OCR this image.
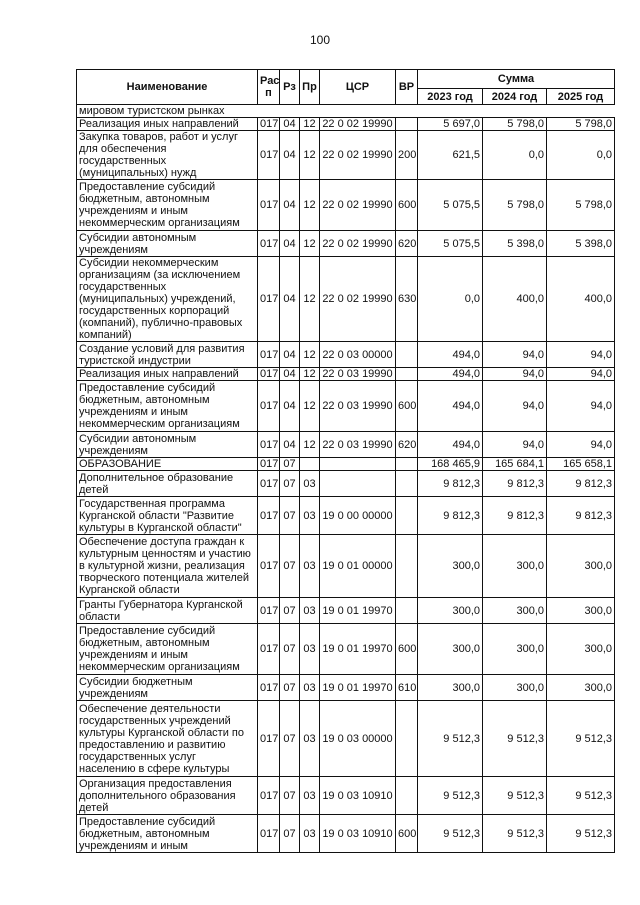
100
Наименование	Рас п	Рз	Пр	ЦСР	ВР	Сумма		
						2023 год	2024 год	2025 год
мировом туристском рынках								
Реализация иных направлений	017	04	12	22 0 02 19990		5 697,0	5 798,0	5 798,0
Закупка товаров, работ и услуг для обеспечения государственных (муниципальных) нужд	017	04	12	22 0 02 19990	200	621,5	0,0	0,0
Предоставление субсидий бюджетным, автономным учреждениям и иным некоммерческим организациям	017	04	12	22 0 02 19990	600	5 075,5	5 798,0	5 798,0
Субсидии автономным учреждениям	017	04	12	22 0 02 19990	620	5 075,5	5 398,0	5 398,0
Субсидии некоммерческим организациям (за исключением государственных (муниципальных) учреждений, государственных корпораций (компаний), публично-правовых компаний)	017	04	12	22 0 02 19990	630	0,0	400,0	400,0
Создание условий для развития туристской индустрии	017	04	12	22 0 03 00000		494,0	94,0	94,0
Реализация иных направлений	017	04	12	22 0 03 19990		494,0	94,0	94,0
Предоставление субсидий бюджетным, автономным учреждениям и иным некоммерческим организациям	017	04	12	22 0 03 19990	600	494,0	94,0	94,0
Субсидии автономным учреждениям	017	04	12	22 0 03 19990	620	494,0	94,0	94,0
ОБРАЗОВАНИЕ	017	07				168 465,9	165 684,1	165 658,1
Дополнительное образование детей	017	07	03			9 812,3	9 812,3	9 812,3
Государственная программа Курганской области "Развитие культуры в Курганской области"	017	07	03	19 0 00 00000		9 812,3	9 812,3	9 812,3
Обеспечение доступа граждан к культурным ценностям и участию в культурной жизни, реализация творческого потенциала жителей Курганской области	017	07	03	19 0 01 00000		300,0	300,0	300,0
Гранты Губернатора Курганской области	017	07	03	19 0 01 19970		300,0	300,0	300,0
Предоставление субсидий бюджетным, автономным учреждениям и иным некоммерческим организациям	017	07	03	19 0 01 19970	600	300,0	300,0	300,0
Субсидии бюджетным учреждениям	017	07	03	19 0 01 19970	610	300,0	300,0	300,0
Обеспечение деятельности государственных учреждений культуры Курганской области по предоставлению и развитию государственных услуг населению в сфере культуры	017	07	03	19 0 03 00000		9 512,3	9 512,3	9 512,3
Организация предоставления дополнительного образования детей	017	07	03	19 0 03 10910		9 512,3	9 512,3	9 512,3
Предоставление субсидий бюджетным, автономным учреждениям и иным	017	07	03	19 0 03 10910	600	9 512,3	9 512,3	9 512,3
